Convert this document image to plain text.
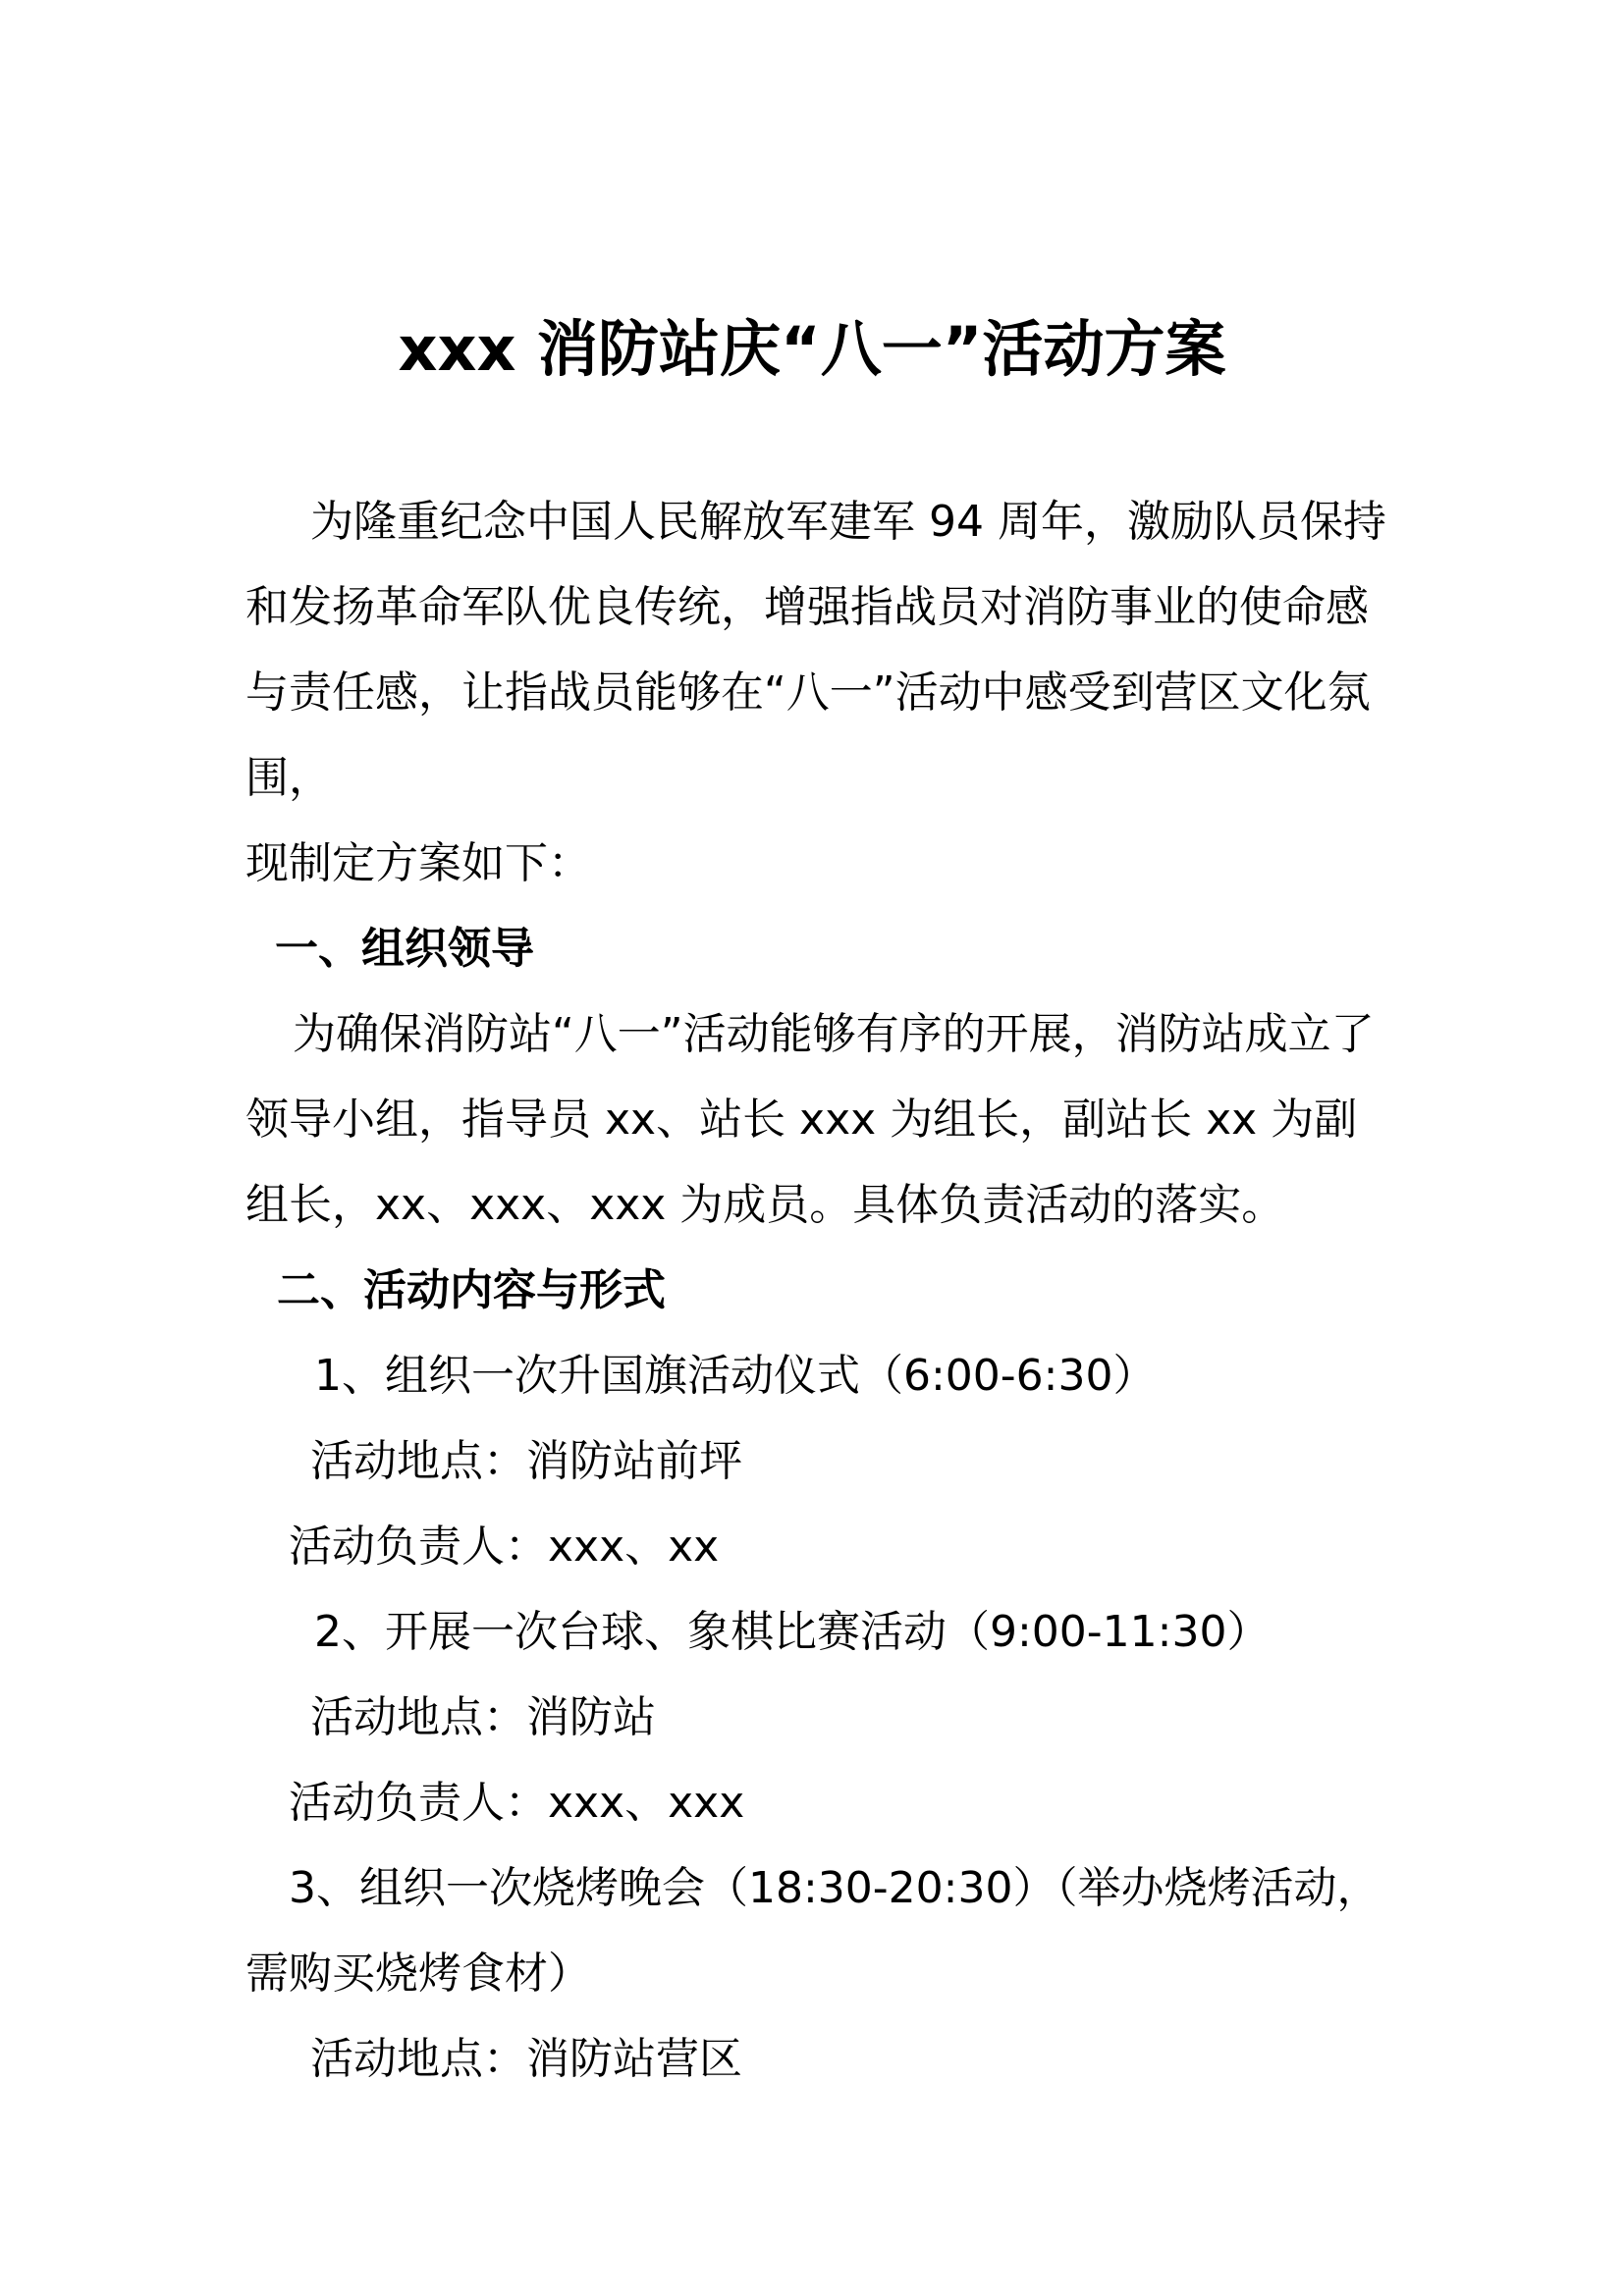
xxx 消防站庆“八一”活动方案

为隆重纪念中国人民解放军建军 94 周年，激励队员保持和发扬革命军队优良传统，增强指战员对消防事业的使命感与责任感，让指战员能够在“八一”活动中感受到营区文化氛围，

现制定方案如下：

一、组织领导

为确保消防站“八一”活动能够有序的开展，消防站成立了领导小组，指导员 xx、站长 xxx 为组长，副站长 xx 为副组长，xx、xxx、xxx 为成员。具体负责活动的落实。

二、活动内容与形式

1、组织一次升国旗活动仪式（6:00-6:30）

活动地点：消防站前坪

活动负责人：xxx、xx

2、开展一次台球、象棋比赛活动（9:00-11:30）

活动地点：消防站

活动负责人：xxx、xxx

3、组织一次烧烤晚会（18:30-20:30）（举办烧烤活动，需购买烧烤食材）

活动地点：消防站营区
